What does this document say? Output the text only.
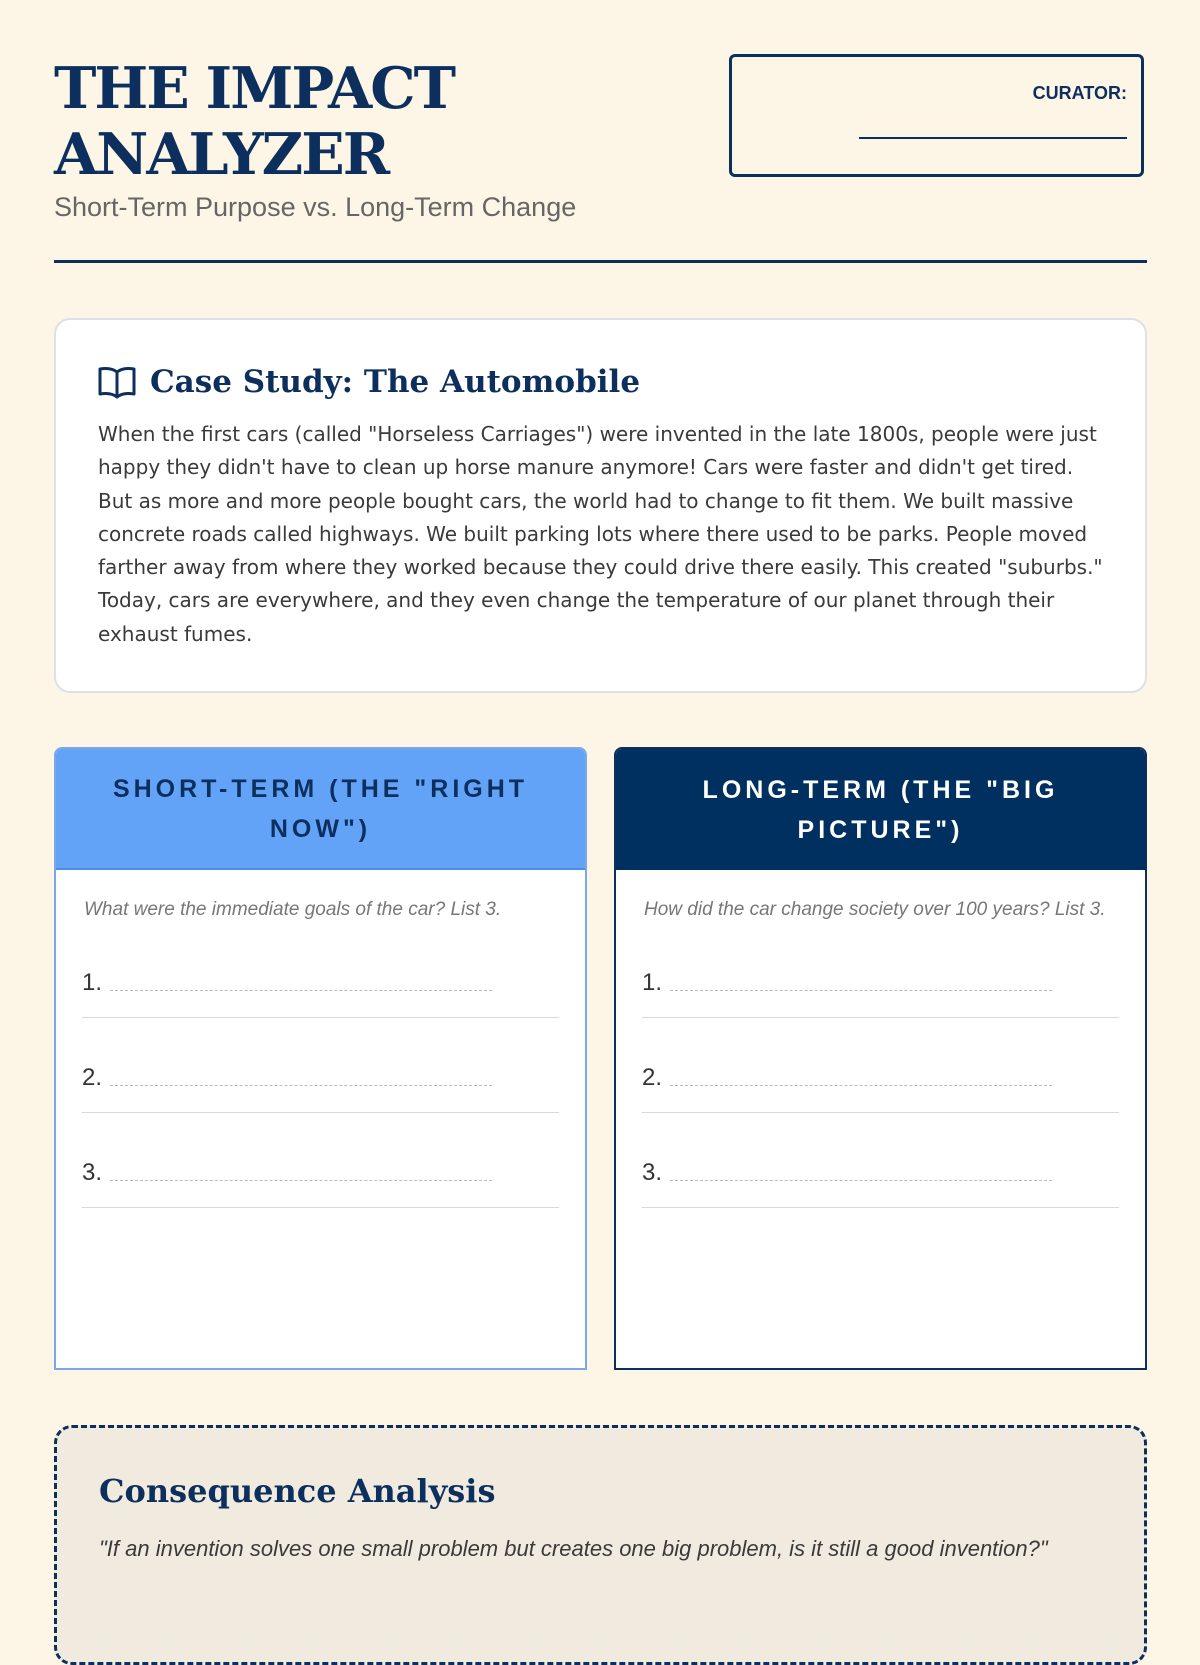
THE IMPACT
ANALYZER

Short-Term Purpose vs. Long-Term Change

CURATOR:
Case Study: The Automobile

When the first cars (called "Horseless Carriages") were invented in the late 1800s, people were just happy they didn't have to clean up horse manure anymore! Cars were faster and didn't get tired. But as more and more people bought cars, the world had to change to fit them. We built massive concrete roads called highways. We built parking lots where there used to be parks. People moved farther away from where they worked because they could drive there easily. This created "suburbs." Today, cars are everywhere, and they even change the temperature of our planet through their exhaust fumes.

SHORT-TERM (THE "RIGHT NOW")

What were the immediate goals of the car? List 3.

1.
2.
3.
LONG-TERM (THE "BIG PICTURE")

How did the car change society over 100 years? List 3.

1.
2.
3.
Consequence Analysis

"If an invention solves one small problem but creates one big problem, is it still a good invention?"
